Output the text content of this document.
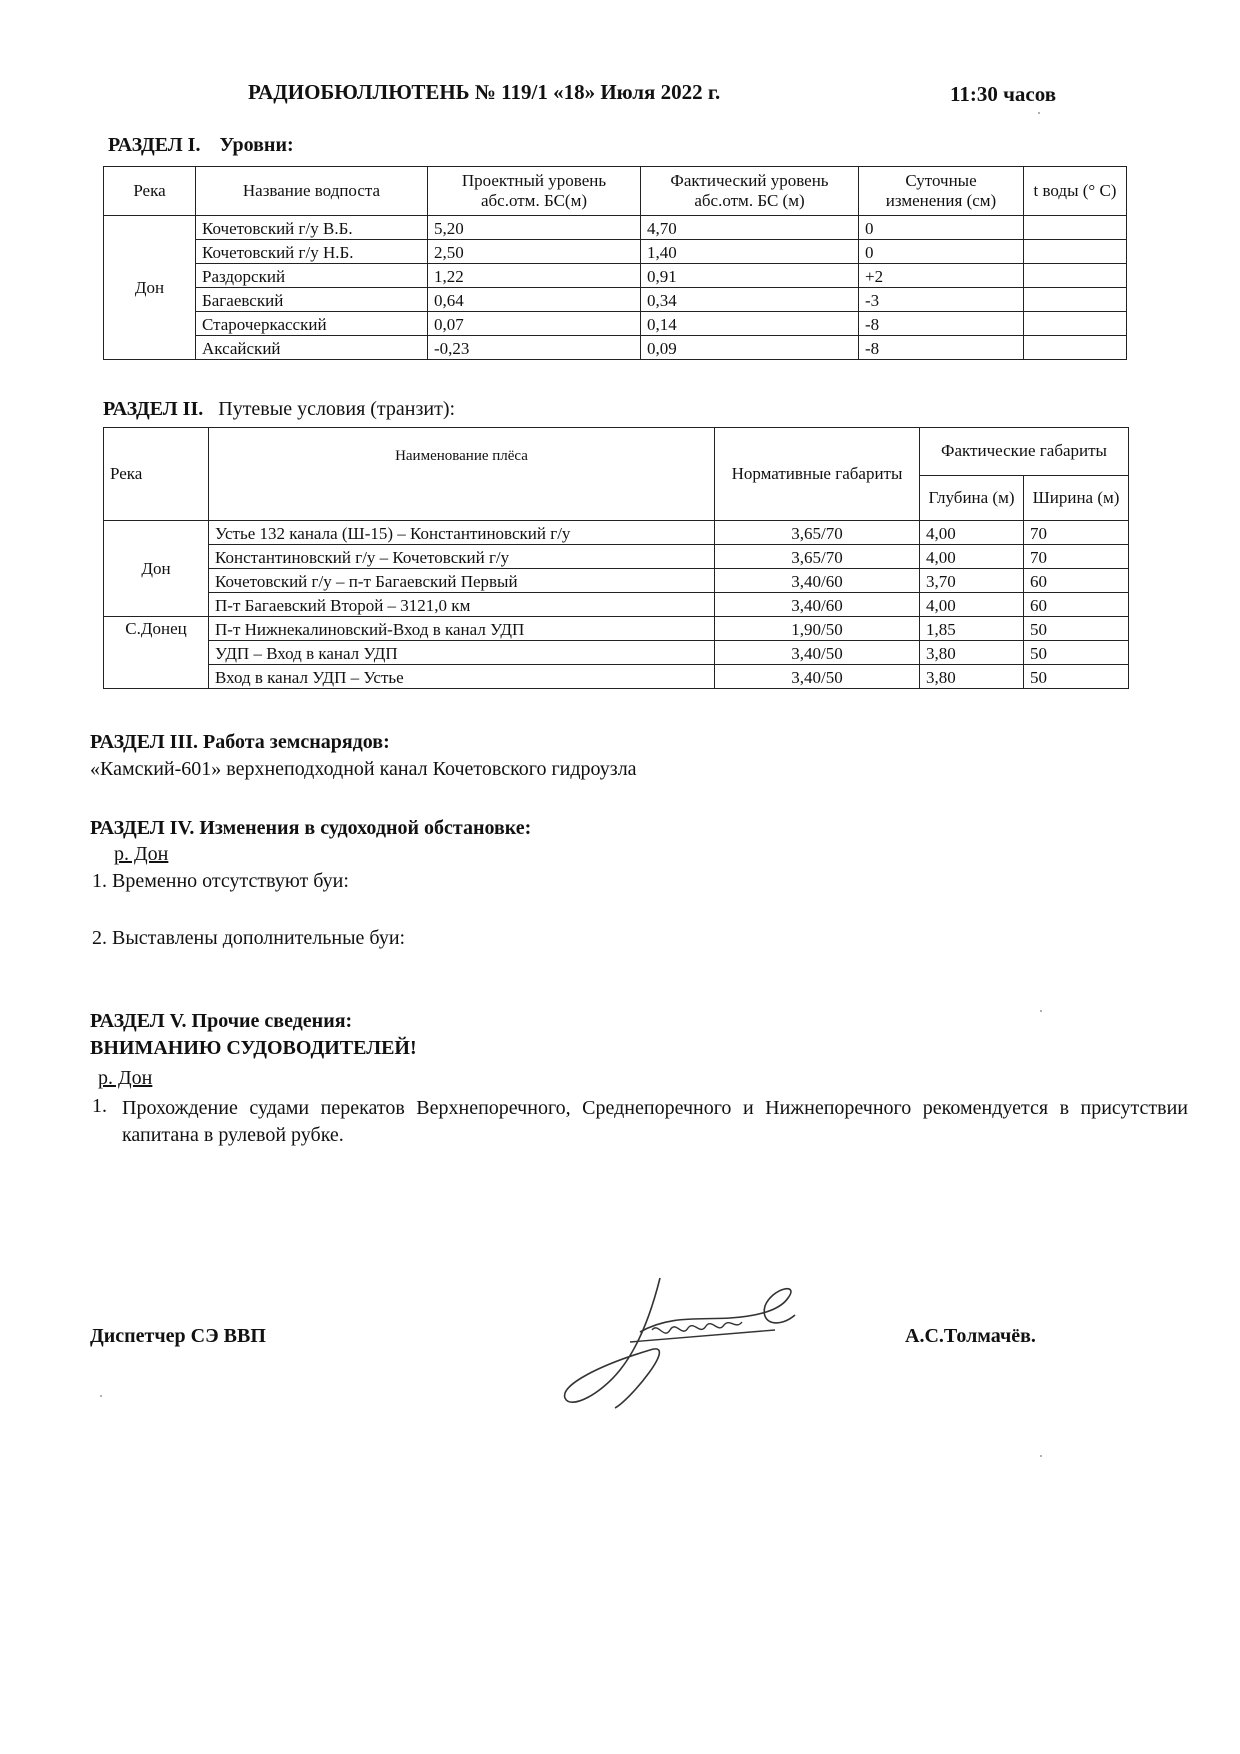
РАДИОБЮЛЛЮТЕНЬ № 119/1 «18» Июля 2022 г.	11:30 часов
РАЗДЕЛ I. Уровни:
Река	Название водпоста	Проектный уровень абс.отм. БС(м)	Фактический уровень абс.отм. БС (м)	Суточные изменения (см)	t воды (° С)
Дон	Кочетовский г/у В.Б.	5,20	4,70	0	
	Кочетовский г/у Н.Б.	2,50	1,40	0	
	Раздорский	1,22	0,91	+2	
	Багаевский	0,64	0,34	-3	
	Старочеркасский	0,07	0,14	-8	
	Аксайский	-0,23	0,09	-8	
РАЗДЕЛ II. Путевые условия (транзит):
Река	Наименование плёса	Нормативные габариты	Фактические габариты	
			Глубина (м)	Ширина (м)
Дон	Устье 132 канала (Ш-15) – Константиновский г/у	3,65/70	4,00	70
	Константиновский г/у – Кочетовский г/у	3,65/70	4,00	70
	Кочетовский г/у – п-т Багаевский Первый	3,40/60	3,70	60
	П-т Багаевский Второй – 3121,0 км	3,40/60	4,00	60
С.Донец	П-т Нижнекалиновский-Вход в канал УДП	1,90/50	1,85	50
	УДП – Вход в канал УДП	3,40/50	3,80	50
	Вход в канал УДП – Устье	3,40/50	3,80	50
РАЗДЕЛ III. Работа земснарядов:
«Камский-601» верхнеподходной канал Кочетовского гидроузла
РАЗДЕЛ IV. Изменения в судоходной обстановке:
р. Дон
1. Временно отсутствуют буи:
2. Выставлены дополнительные буи:
РАЗДЕЛ V. Прочие сведения:
ВНИМАНИЮ СУДОВОДИТЕЛЕЙ!
р. Дон
1. Прохождение судами перекатов Верхнепоречного, Среднепоречного и Нижнепоречного рекомендуется в присутствии капитана в рулевой рубке.
Диспетчер СЭ ВВП	А.С.Толмачёв.
